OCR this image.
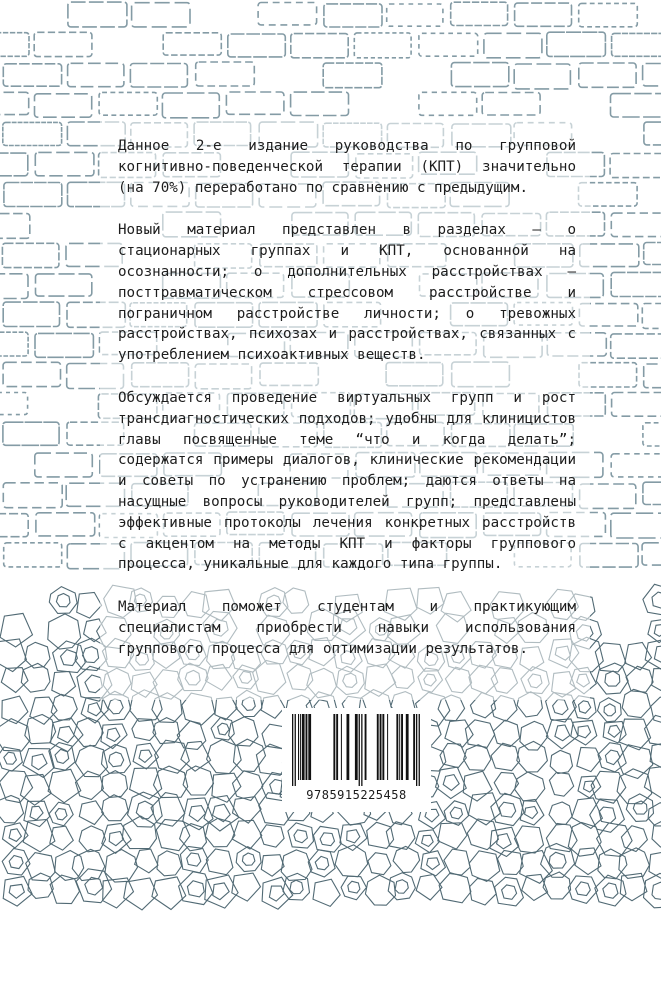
Данное 2-е издание руководства по групповой когнитивно-поведенческой терапии (КПТ) значительно (на 70%) переработано по сравнению с предыдущим.

Новый материал представлен в разделах — о стационарных группах и КПТ, основанной на осознанности; о дополнительных расстройствах — посттравматическом стрессовом расстройстве и пограничном расстройстве личности; о тревожных расстройствах, психозах и расстройствах, связанных с употреблением психоактивных веществ.

Обсуждается проведение виртуальных групп и рост трансдиагностических подходов; удобны для клиницистов главы посвященные теме “что и когда делать”; содержатся примеры диалогов, клинические рекомендации и советы по устранению проблем; даются ответы на насущные вопросы руководителей групп; представлены эффективные протоколы лечения конкретных расстройств с акцентом на методы КПТ и факторы группового процесса, уникальные для каждого типа группы.

Материал поможет студентам и практикующим специалистам приобрести навыки использования группового процесса для оптимизации результатов.

9785915225458
